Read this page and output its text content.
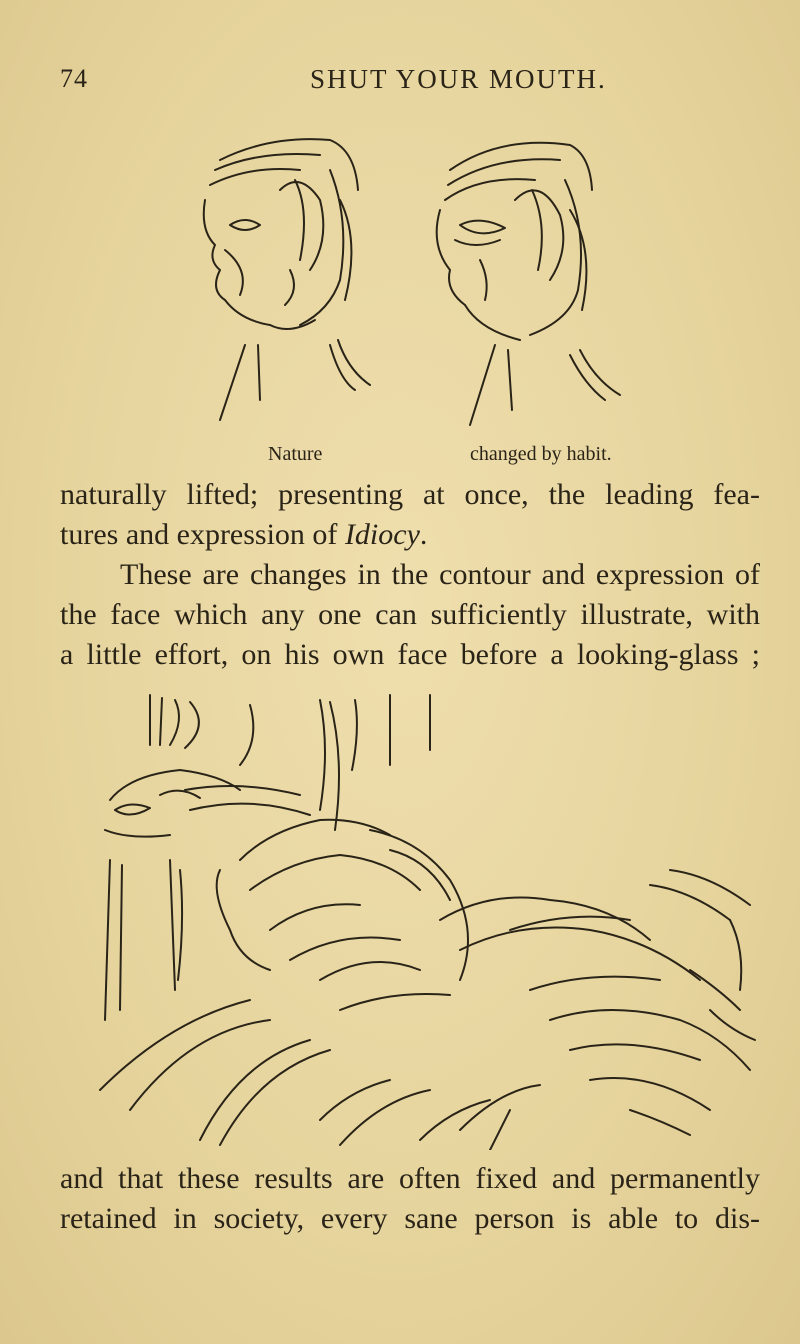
74	SHUT YOUR MOUTH.
Nature	changed by habit.
naturally lifted; presenting at once, the leading fea-
tures and expression of Idiocy.
These are changes in the contour and expression of
the face which any one can sufficiently illustrate, with
a little effort, on his own face before a looking-glass ;
and that these results are often fixed and permanently
retained in society, every sane person is able to dis-
